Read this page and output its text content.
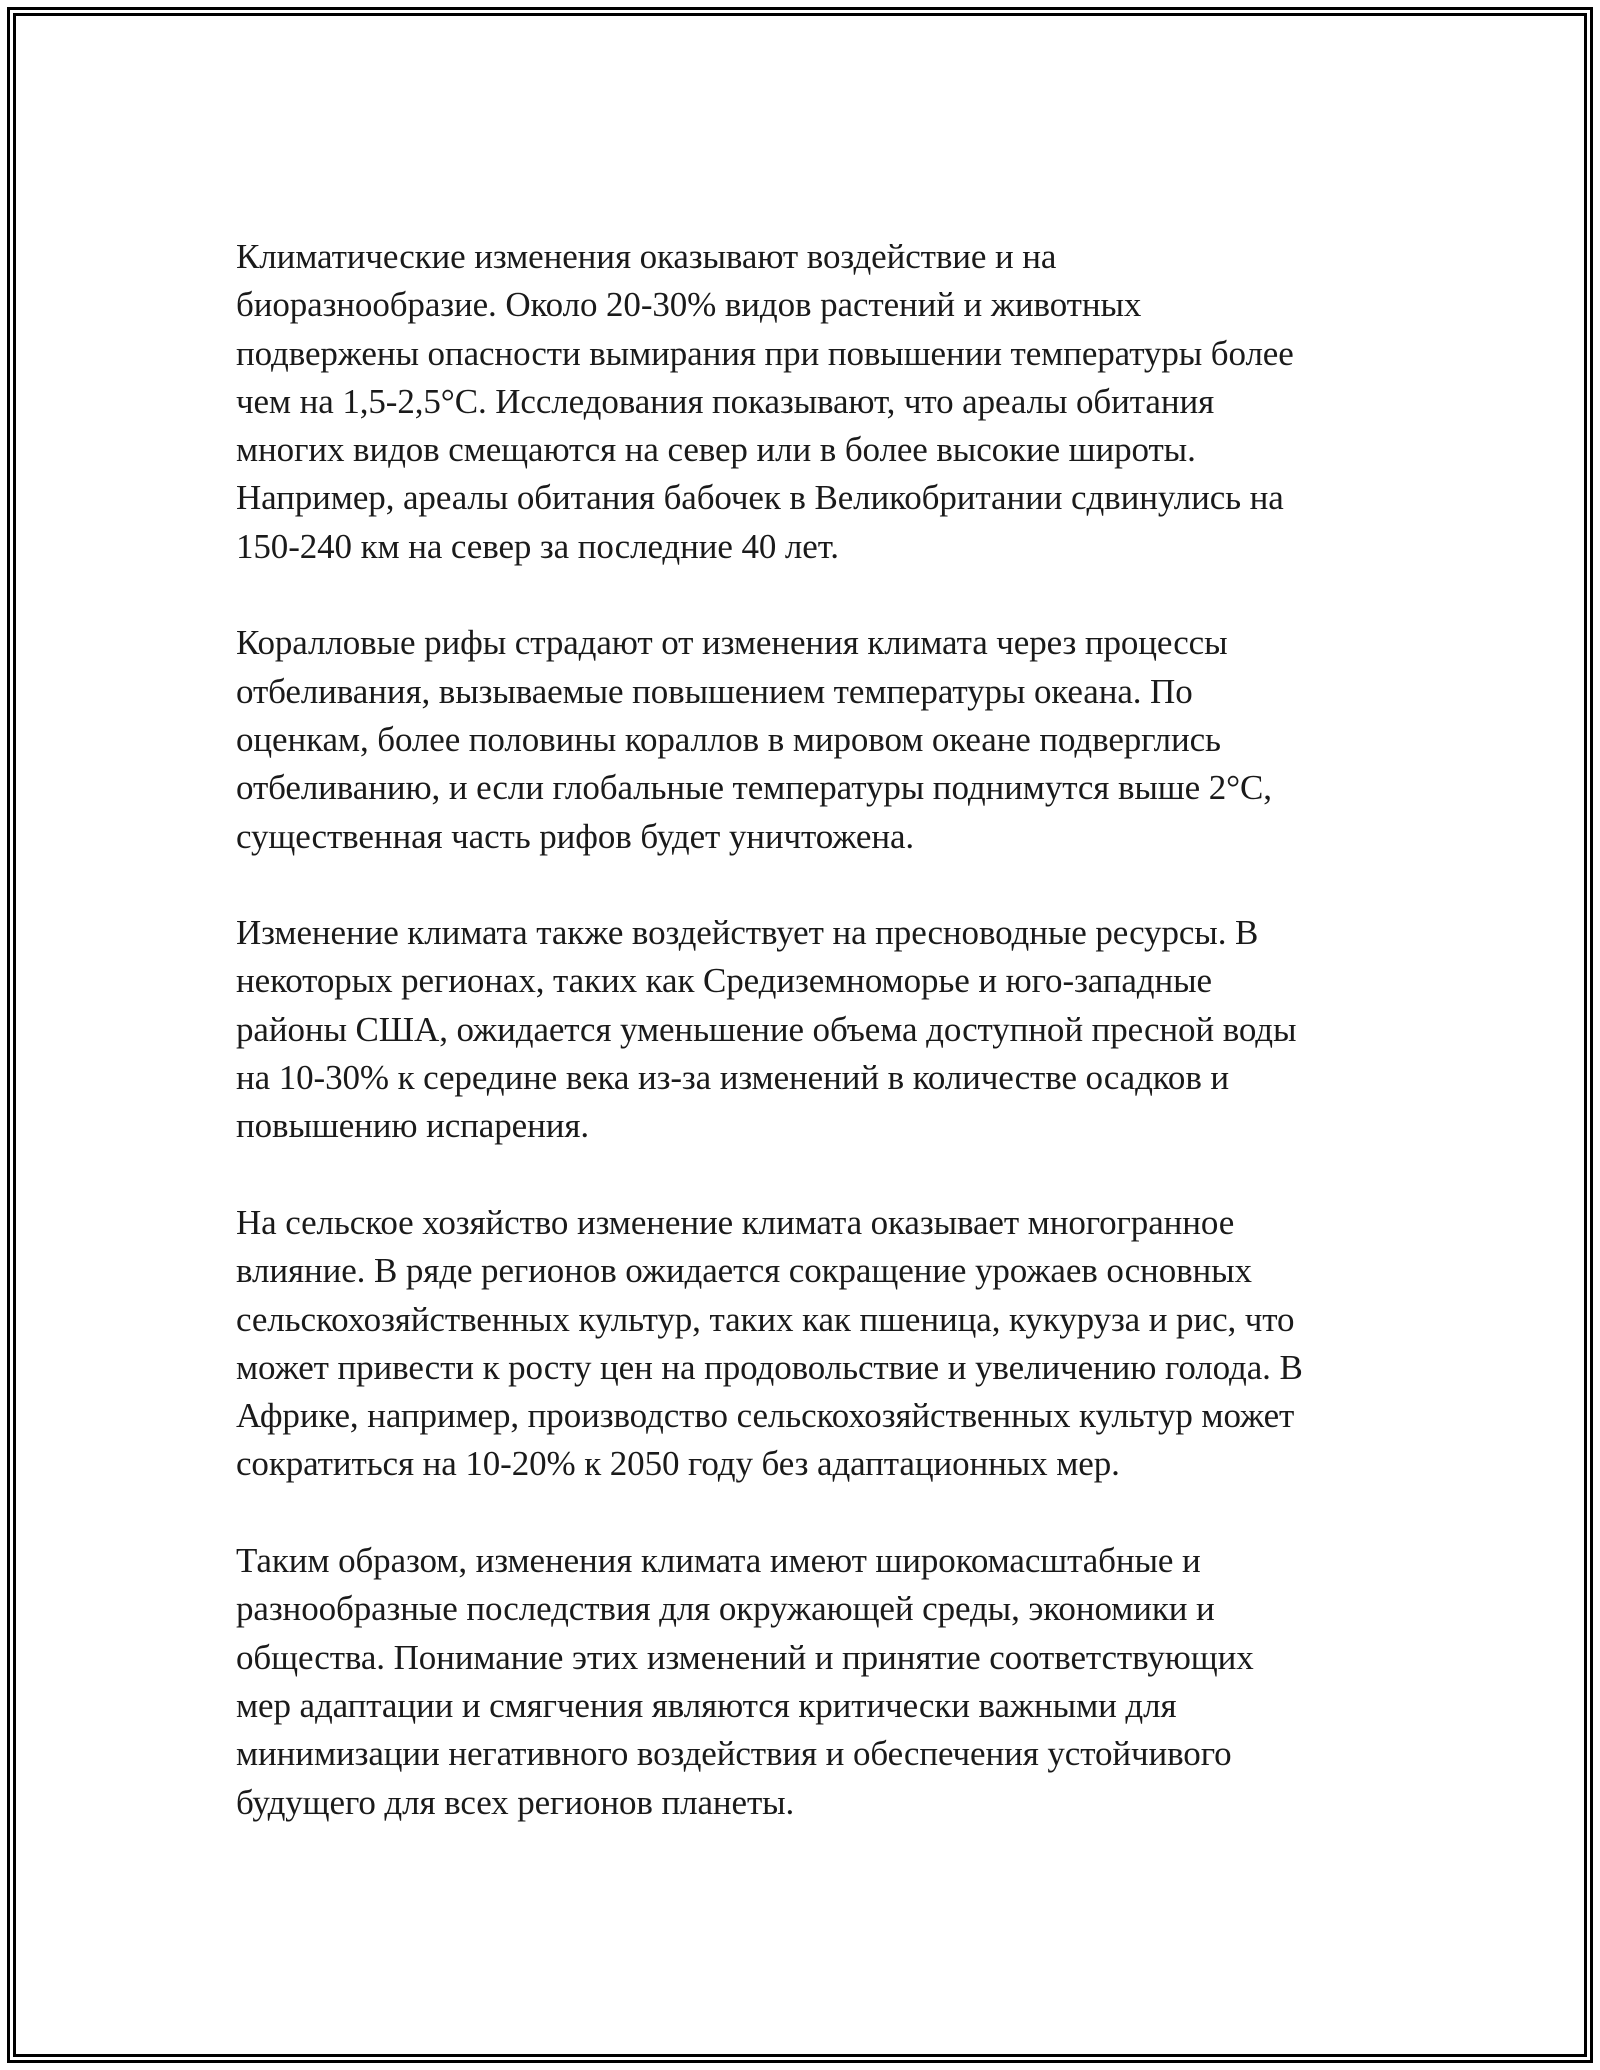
Климатические изменения оказывают воздействие и на
биоразнообразие. Около 20-30% видов растений и животных
подвержены опасности вымирания при повышении температуры более
чем на 1,5-2,5°С. Исследования показывают, что ареалы обитания
многих видов смещаются на север или в более высокие широты.
Например, ареалы обитания бабочек в Великобритании сдвинулись на
150-240 км на север за последние 40 лет.

Коралловые рифы страдают от изменения климата через процессы
отбеливания, вызываемые повышением температуры океана. По
оценкам, более половины кораллов в мировом океане подверглись
отбеливанию, и если глобальные температуры поднимутся выше 2°С,
существенная часть рифов будет уничтожена.

Изменение климата также воздействует на пресноводные ресурсы. В
некоторых регионах, таких как Средиземноморье и юго-западные
районы США, ожидается уменьшение объема доступной пресной воды
на 10-30% к середине века из-за изменений в количестве осадков и
повышению испарения.

На сельское хозяйство изменение климата оказывает многогранное
влияние. В ряде регионов ожидается сокращение урожаев основных
сельскохозяйственных культур, таких как пшеница, кукуруза и рис, что
может привести к росту цен на продовольствие и увеличению голода. В
Африке, например, производство сельскохозяйственных культур может
сократиться на 10-20% к 2050 году без адаптационных мер.

Таким образом, изменения климата имеют широкомасштабные и
разнообразные последствия для окружающей среды, экономики и
общества. Понимание этих изменений и принятие соответствующих
мер адаптации и смягчения являются критически важными для
минимизации негативного воздействия и обеспечения устойчивого
будущего для всех регионов планеты.
